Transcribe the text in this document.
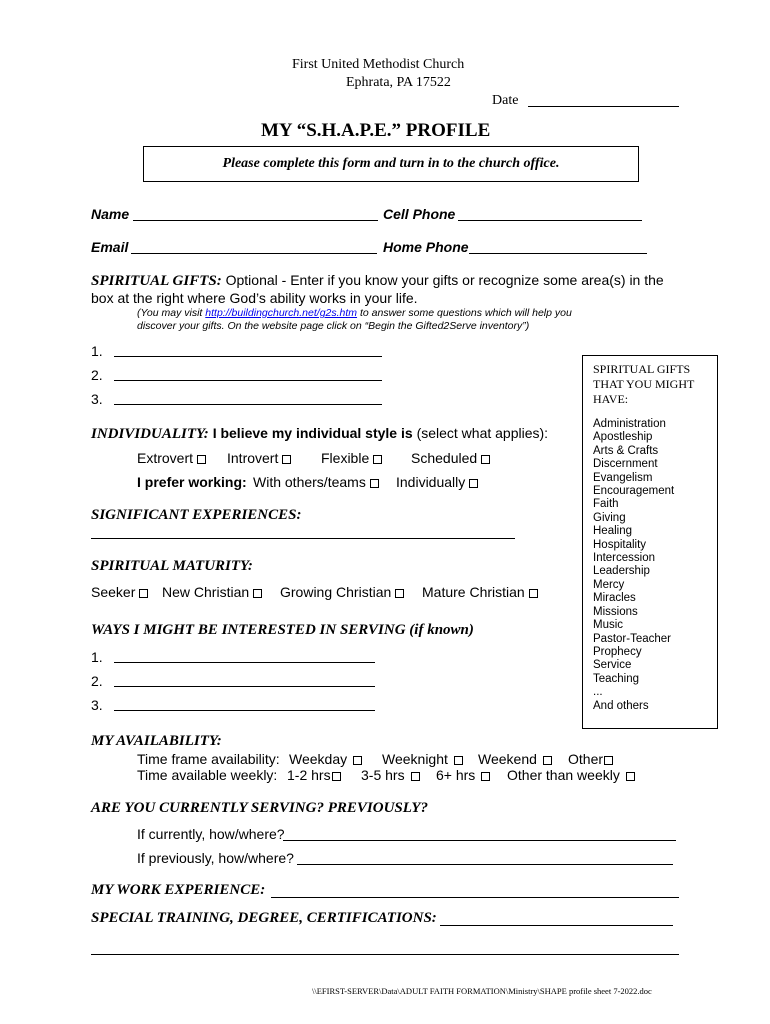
First United Methodist Church
Ephrata, PA 17522
Date
MY “S.H.A.P.E.” PROFILE
Please complete this form and turn in to the church office.
Name	Cell Phone
Email	Home Phone
SPIRITUAL GIFTS: Optional - Enter if you know your gifts or recognize some area(s) in the
box at the right where God’s ability works in your life.
(You may visit http://buildingchurch.net/g2s.htm to answer some questions which will help you
discover your gifts. On the website page click on “Begin the Gifted2Serve inventory”)
1.
2.
3.
SPIRITUAL GIFTS
THAT YOU MIGHT
HAVE:
Administration
Apostleship
Arts & Crafts
Discernment
Evangelism
Encouragement
Faith
Giving
Healing
Hospitality
Intercession
Leadership
Mercy
Miracles
Missions
Music
Pastor-Teacher
Prophecy
Service
Teaching
...
And others
INDIVIDUALITY: I believe my individual style is (select what applies):
Extrovert	Introvert	Flexible	Scheduled
I prefer working: With others/teams	Individually
SIGNIFICANT EXPERIENCES:
SPIRITUAL MATURITY:
Seeker	New Christian	Growing Christian	Mature Christian
WAYS I MIGHT BE INTERESTED IN SERVING (if known)
1.
2.
3.
MY AVAILABILITY:
Time frame availability: Weekday	Weeknight	Weekend	Other
Time available weekly: 1-2 hrs	3-5 hrs	6+ hrs	Other than weekly
ARE YOU CURRENTLY SERVING? PREVIOUSLY?
If currently, how/where?
If previously, how/where?
MY WORK EXPERIENCE:
SPECIAL TRAINING, DEGREE, CERTIFICATIONS:
\\EFIRST-SERVER\Data\ADULT FAITH FORMATION\Ministry\SHAPE profile sheet 7-2022.doc
